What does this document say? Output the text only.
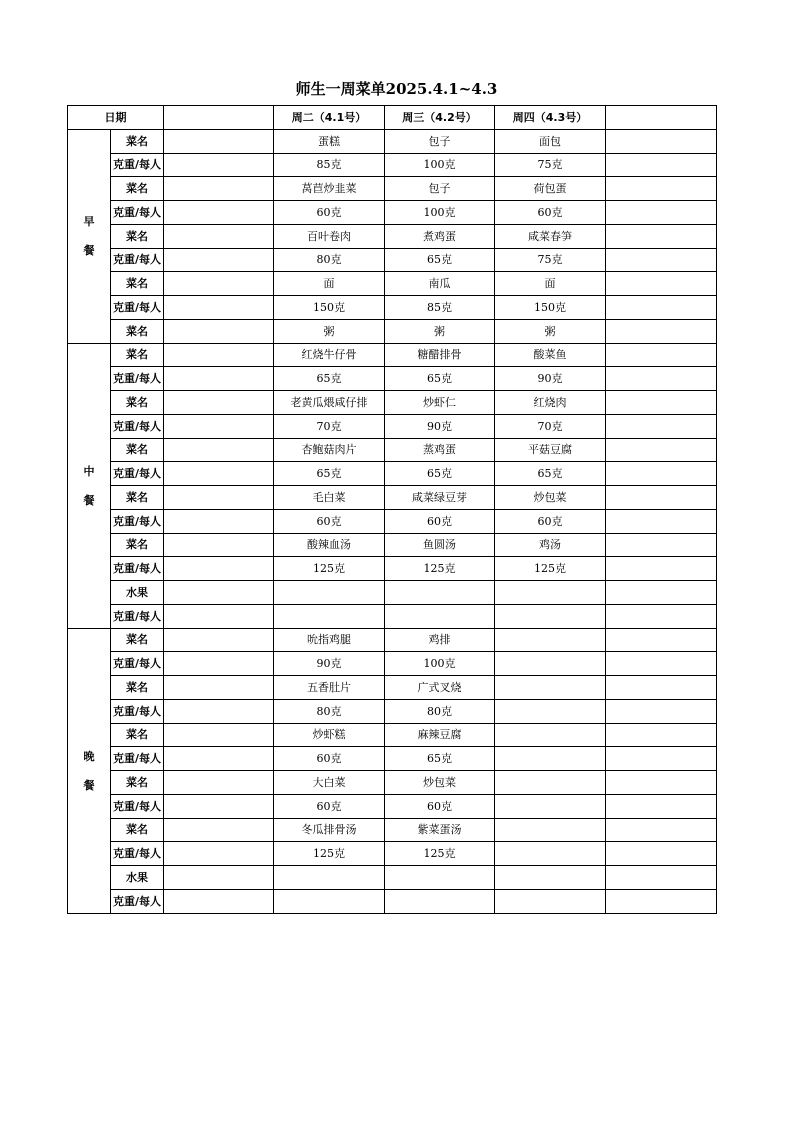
师生一周菜单2025.4.1~4.3
日期			周二（4.1号）	周三（4.2号）	周四（4.3号）	

早
餐	菜名		蛋糕	包子	面包	
	克重/每人		85克	100克	75克	
	菜名		莴苣炒韭菜	包子	荷包蛋	
	克重/每人		60克	100克	60克	
	菜名		百叶卷肉	煮鸡蛋	咸菜春笋	
	克重/每人		80克	65克	75克	
	菜名		面	南瓜	面	
	克重/每人		150克	85克	150克	
	菜名		粥	粥	粥	

中
餐	菜名		红烧牛仔骨	糖醋排骨	酸菜鱼	
	克重/每人		65克	65克	90克	
	菜名		老黄瓜煨咸仔排	炒虾仁	红烧肉	
	克重/每人		70克	90克	70克	
	菜名		杏鲍菇肉片	蒸鸡蛋	平菇豆腐	
	克重/每人		65克	65克	65克	
	菜名		毛白菜	咸菜绿豆芽	炒包菜	
	克重/每人		60克	60克	60克	
	菜名		酸辣血汤	鱼圆汤	鸡汤	
	克重/每人		125克	125克	125克	
	水果					
	克重/每人					

晚
餐	菜名		吮指鸡腿	鸡排		
	克重/每人		90克	100克		
	菜名		五香肚片	广式叉烧		
	克重/每人		80克	80克		
	菜名		炒虾糕	麻辣豆腐		
	克重/每人		60克	65克		
	菜名		大白菜	炒包菜		
	克重/每人		60克	60克		
	菜名		冬瓜排骨汤	紫菜蛋汤		
	克重/每人		125克	125克		
	水果					
	克重/每人					
